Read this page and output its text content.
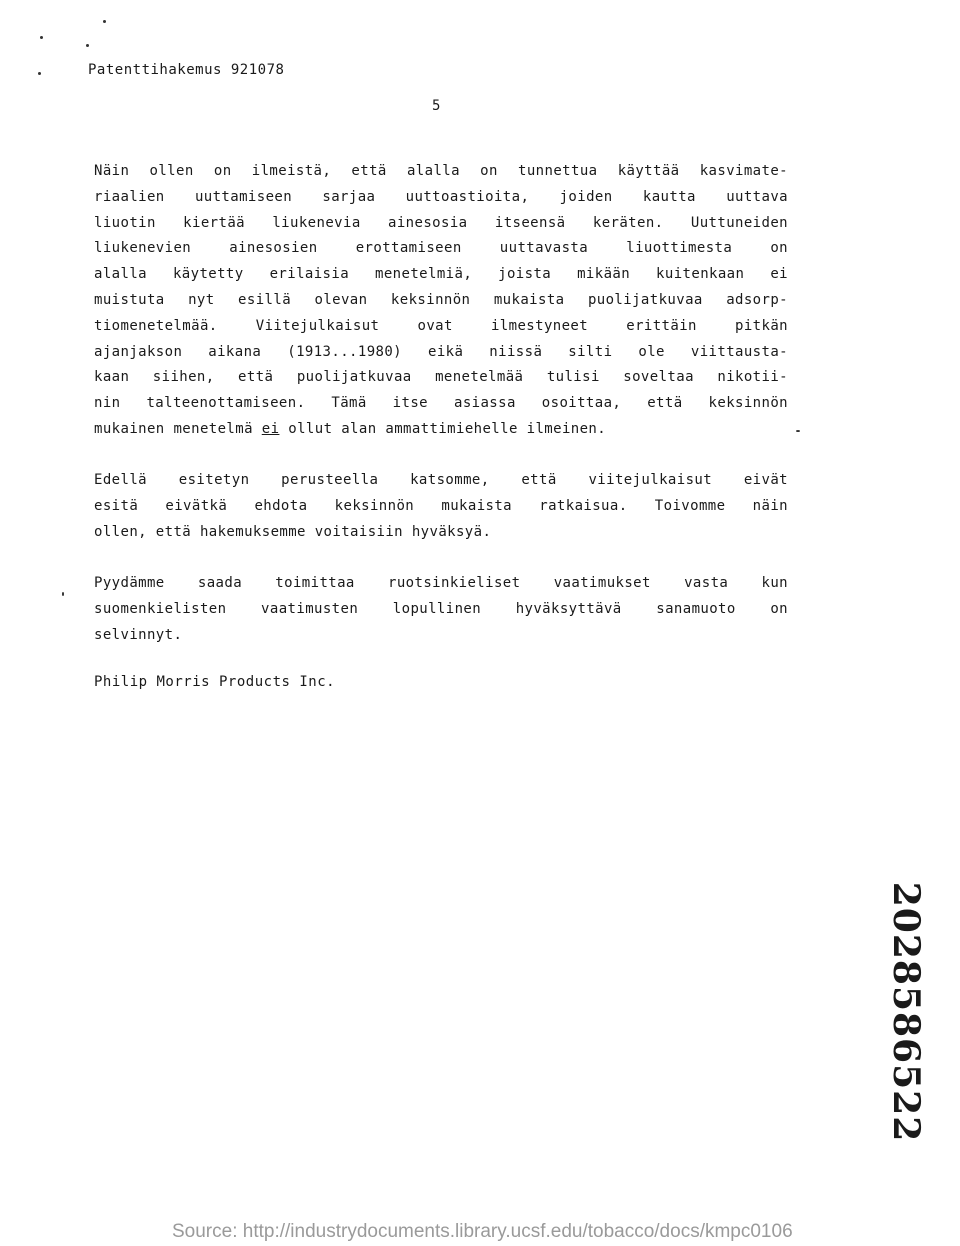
Patenttihakemus 921078
5
Näin ollen on ilmeistä, että alalla on tunnettua käyttää kasvimate-
riaalien uuttamiseen sarjaa uuttoastioita, joiden kautta uuttava
liuotin kiertää liukenevia ainesosia itseensä keräten. Uuttuneiden
liukenevien ainesosien erottamiseen uuttavasta liuottimesta on
alalla käytetty erilaisia menetelmiä, joista mikään kuitenkaan ei
muistuta nyt esillä olevan keksinnön mukaista puolijatkuvaa adsorp-
tiomenetelmää. Viitejulkaisut ovat ilmestyneet erittäin pitkän
ajanjakson aikana (1913...1980) eikä niissä silti ole viittausta-
kaan siihen, että puolijatkuvaa menetelmää tulisi soveltaa nikotii-
nin talteenottamiseen. Tämä itse asiassa osoittaa, että keksinnön
mukainen menetelmä ei ollut alan ammattimiehelle ilmeinen.
Edellä esitetyn perusteella katsomme, että viitejulkaisut eivät
esitä eivätkä ehdota keksinnön mukaista ratkaisua. Toivomme näin
ollen, että hakemuksemme voitaisiin hyväksyä.
Pyydämme saada toimittaa ruotsinkieliset vaatimukset vasta kun
suomenkielisten vaatimusten lopullinen hyväksyttävä sanamuoto on
selvinnyt.
Philip Morris Products Inc.
2028586522
Source: http://industrydocuments.library.ucsf.edu/tobacco/docs/kmpc0106
